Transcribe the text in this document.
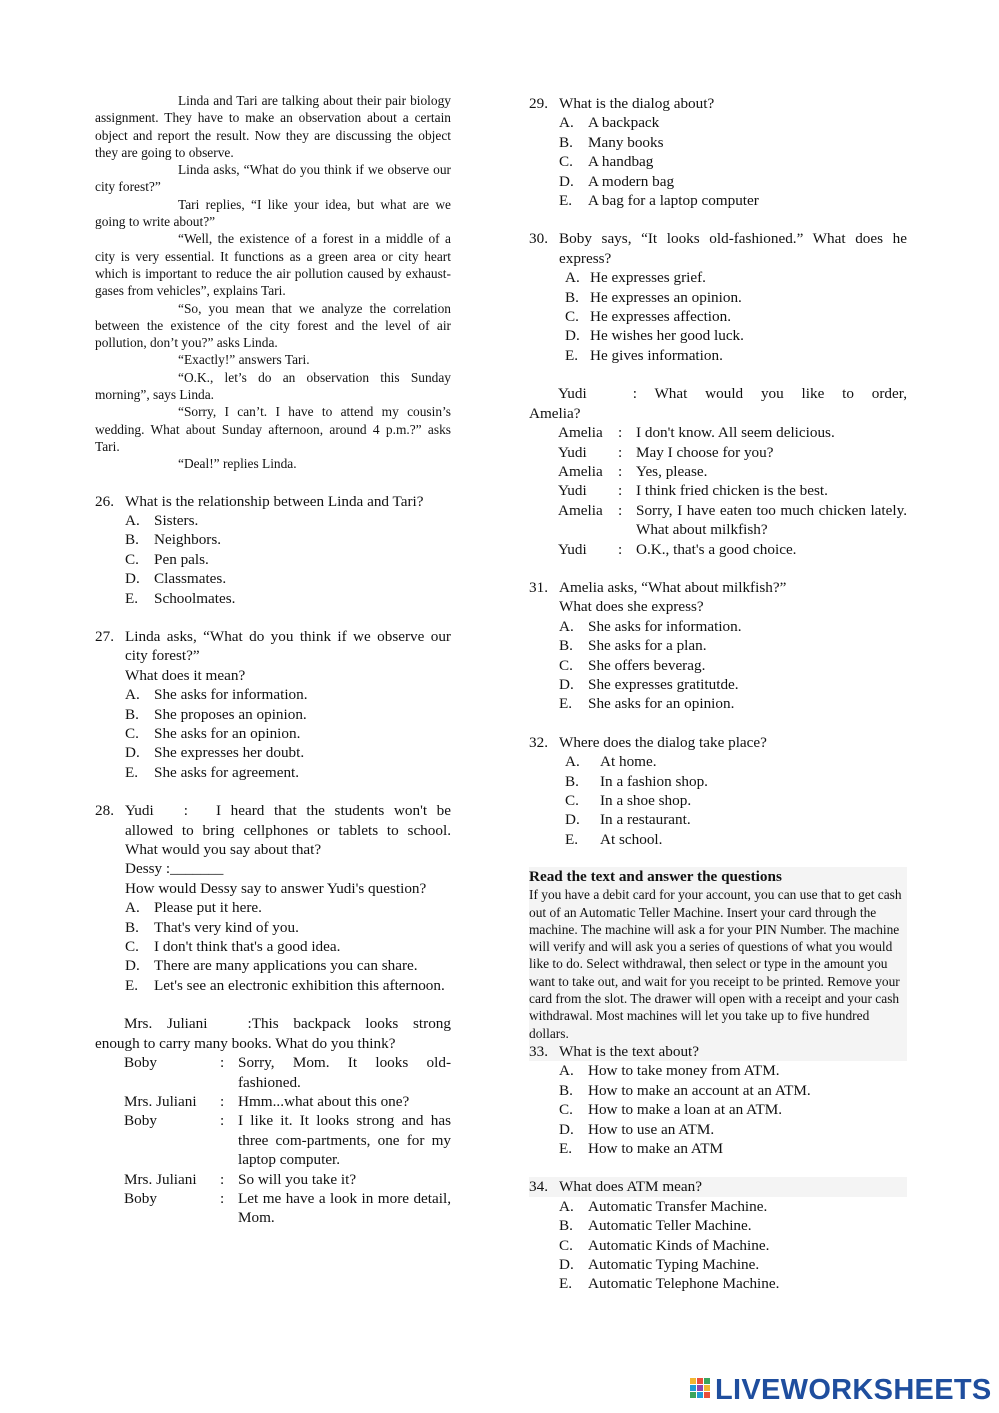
Linda and Tari are talking about their pair biology assignment. They have to make an observation about a certain object and report the result. Now they are discussing the object they are going to observe.

Linda asks, “What do you think if we observe our city forest?”

Tari replies, “I like your idea, but what are we going to write about?”

“Well, the existence of a forest in a middle of a city is very essential. It functions as a green area or city heart which is important to reduce the air pollution caused by exhaust-gases from vehicles”, explains Tari.

“So, you mean that we analyze the correlation between the existence of the city forest and the level of air pollution, don’t you?” asks Linda.

“Exactly!” answers Tari.

“O.K., let’s do an observation this Sunday morning”, says Linda.

“Sorry, I can’t. I have to attend my cousin’s wedding. What about Sunday afternoon, around 4 p.m.?” asks Tari.

“Deal!” replies Linda.

26. What is the relationship between Linda and Tari?
A. Sisters.
B. Neighbors.
C. Pen pals.
D. Classmates.
E.	Schoolmates.
27. Linda asks, “What do you think if we observe our city forest?”
What does it mean?
A. She asks for information.
B. She proposes an opinion.
C. She asks for an opinion.
D. She expresses her doubt.
E.	She asks for agreement.
28. Yudi : I heard that the students won't be allowed to bring cellphones or tablets to school. What would you say about that?
Dessy :_______
How would Dessy say to answer Yudi's question?
A. Please put it here.
B. That's very kind of you.
C. I don't think that's a good idea.
D. There are many applications you can share.
E.	Let's see an electronic exhibition this afternoon.
Mrs. Juliani	:This backpack looks strong enough to carry many books. What do you think?
Boby	: Sorry, Mom. It looks old-fashioned.
Mrs. Juliani	: Hmm...what about this one?
Boby	: I like it. It looks strong and has three com-partments, one for my laptop computer.
Mrs. Juliani	: So will you take it?
Boby	: Let me have a look in more detail, Mom.
29. What is the dialog about?
A. A backpack
B. Many books
C. A handbag
D. A modern bag
E.	A bag for a laptop computer
30. Boby says, “It looks old-fashioned.” What does he express?
A. He expresses grief.
B. He expresses an opinion.
C. He expresses affection.
D. He wishes her good luck.
E. He gives information.
Yudi	: What would you like to order,
Amelia?
Amelia	: I don't know. All seem delicious.
Yudi	: May I choose for you?
Amelia	: Yes, please.
Yudi	: I think fried chicken is the best.
Amelia	: Sorry, I have eaten too much chicken lately. What about milkfish?
Yudi	: O.K., that's a good choice.
31. Amelia asks, “What about milkfish?”
What does she express?
A. She asks for information.
B. She asks for a plan.
C. She offers beverag.
D. She expresses gratitutde.
E.	She asks for an opinion.
32. Where does the dialog take place?
A.	At home.
B.	In a fashion shop.
C.	In a shoe shop.
D.	In a restaurant.
E.	At school.
Read the text and answer the questions
If you have a debit card for your account, you can use that to get cash out of an Automatic Teller Machine. Insert your card through the machine. The machine will ask a for your PIN Number. The machine will verify and will ask you a series of questions of what you would like to do. Select withdrawal, then select or type in the amount you want to take out, and wait for you receipt to be printed. Remove your card from the slot. The drawer will open with a receipt and your cash withdrawal. Most machines will let you take up to five hundred dollars.
33. What is the text about?
A. How to take money from ATM.
B. How to make an account at an ATM.
C. How to make a loan at an ATM.
D. How to use an ATM.
E.	How to make an ATM
34. What does ATM mean?
A. Automatic Transfer Machine.
B. Automatic Teller Machine.
C. Automatic Kinds of Machine.
D. Automatic Typing Machine.
E.	Automatic Telephone Machine.
LIVEWORKSHEETS
